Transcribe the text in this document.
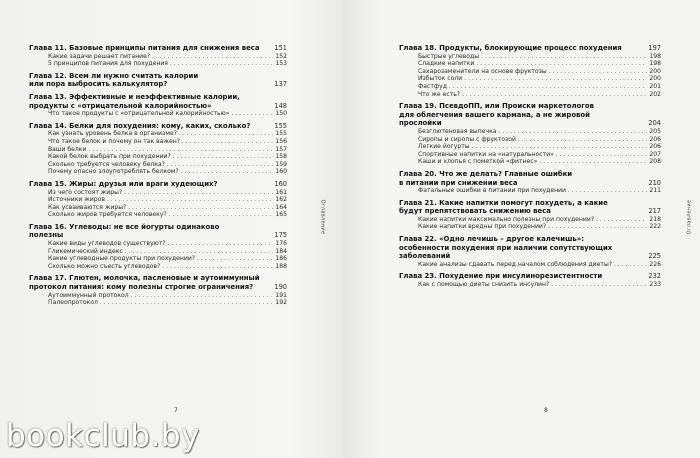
Глава 11. Базовые принципы питания для снижения веса	151
Какие задачи решает питание? . . .	152
5 принципов питания для похудения . . .	153
Глава 12. Всем ли нужно считать калории
или пора выбросить калькулятор?	137
Глава 13. Эффективные и неэффективные калории,
продукты с «отрицательной калорийностью»	148
Что такое продукты с «отрицательной калорийностью» . . .	150
Глава 14. Белки для похудения: кому, каких, сколько?	155
Как узнать уровень белка в организме? . . .	155
Что такое белок и почему он так важен? . . .	156
Ваши белки . . .	157
Какой белок выбрать при похудении? . . .	158
Сколько требуется человеку белка? . . .	159
Почему опасно злоупотреблять белком? . . .	160
Глава 15. Жиры: друзья или враги худеющих?	160
Из чего состоят жиры? . . .	161
Источники жиров . . .	162
Как усваиваются жиры? . . .	164
Сколько жиров требуется человеку? . . .	165
Глава 16. Углеводы: не все йогурты одинаково
полезны	175
Какие виды углеводов существуют? . . .	176
Гликемический индекс . . .	184
Какие углеводные продукты при похудении? . . .	186
Сколько можно съесть углеводов? . . .	188
Глава 17. Глютен, молочка, пасленовые и аутоиммунный
протокол питания: кому полезны строгие ограничения?	190
Аутоиммунный протокол . . .	191
Палеопротокол . . .	192
Оглавление
7
Глава 18. Продукты, блокирующие процесс похудения	197
Быстрые углеводы . . .	198
Сладкие напитки . . .	198
Сахарозаменители на основе фруктозы . . .	200
Избыток соли . . .	200
Фастфуд . . .	201
Что же есть? . . .	202
Глава 19. ПсевдоПП, или Происки маркетологов
для облегчения вашего кармана, а не жировой
прослойки	204
Безглютеновая выпечка . . .	205
Сиропы и сиропы с фруктозой . . .	206
Легкие йогурты . . .	206
Спортивные напитки на «натуральности» . . .	207
Каши и хлопья с пометкой «фитнес» . . .	208
Глава 20. Что же делать? Главные ошибки
в питании при снижении веса	210
Фатальные ошибки в питании при похудении . . .	211
Глава 21. Какие напитки помогут похудеть, а какие
будут препятствовать снижению веса	217
Какие напитки максимально полезны при похудении? . . .	218
Какие напитки вредны при похудении? . . .	222
Глава 22. «Одно лечишь – другое калечишь»:
особенности похудения при наличии сопутствующих
заболеваний	225
Какие анализы сдавать перед началом соблюдения диеты? . . .	226
Глава 23. Похудение при инсулинорезистентности	232
Как с помощью диеты снизить инсулин? . . .	233
Оглавление
8
bookclub.by
